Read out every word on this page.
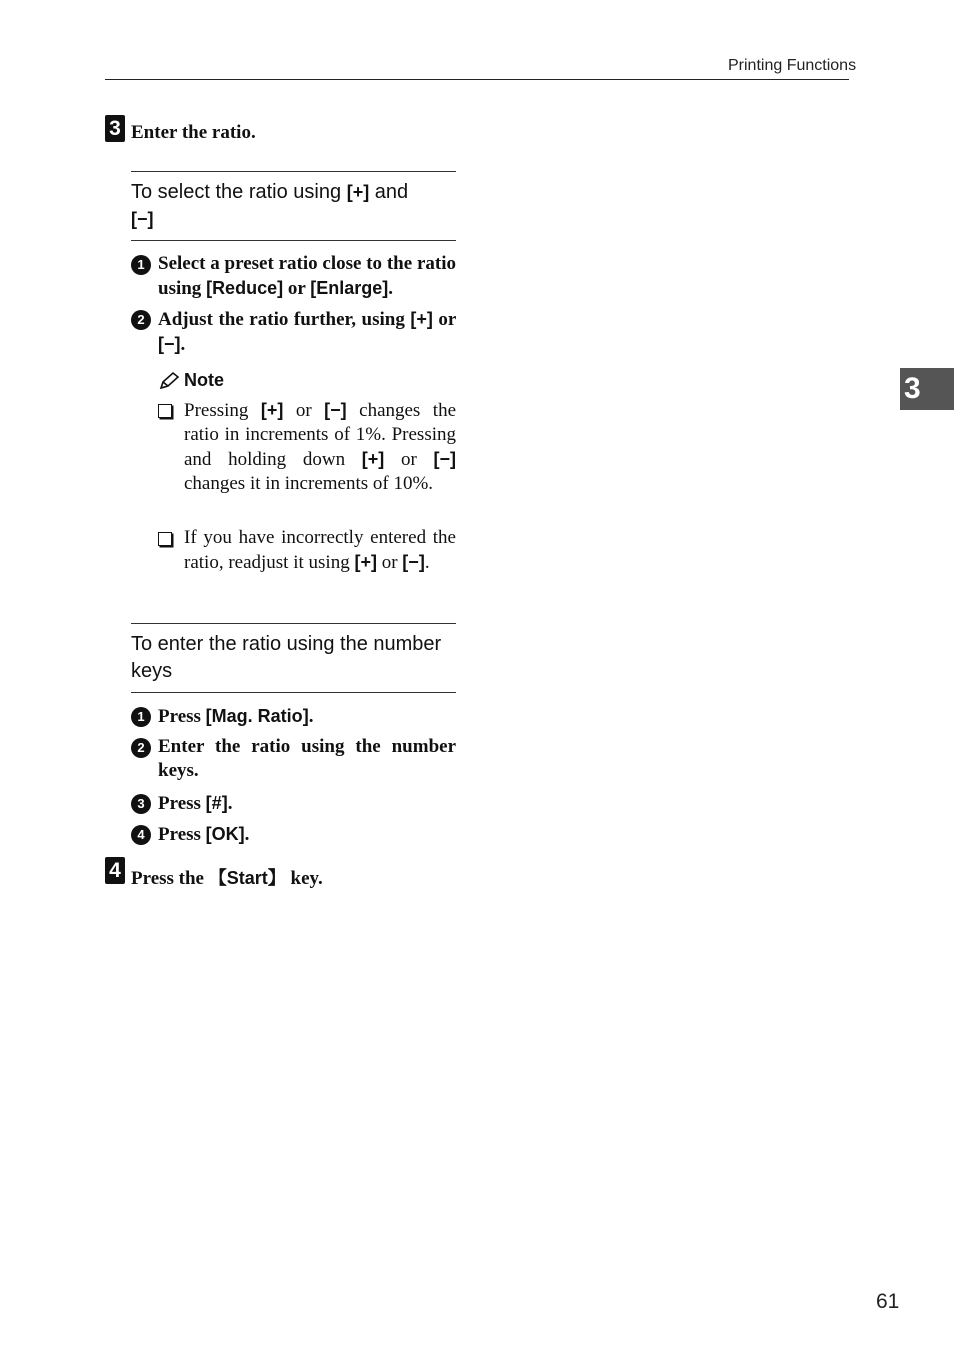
Printing Functions
3
3 Enter the ratio.
To select the ratio using [+] and
[−]
1 Select a preset ratio close to the ratio using [Reduce] or [Enlarge].
2 Adjust the ratio further, using [+] or [−].
Note
Pressing [+] or [−] changes the ratio in increments of 1%. Pressing and holding down [+] or [−] changes it in increments of 10%.
If you have incorrectly entered the ratio, readjust it using [+] or [−].
To enter the ratio using the number keys
1 Press [Mag. Ratio].
2 Enter the ratio using the number keys.
3 Press [#].
4 Press [OK].
4 Press the 【Start】 key.
61
